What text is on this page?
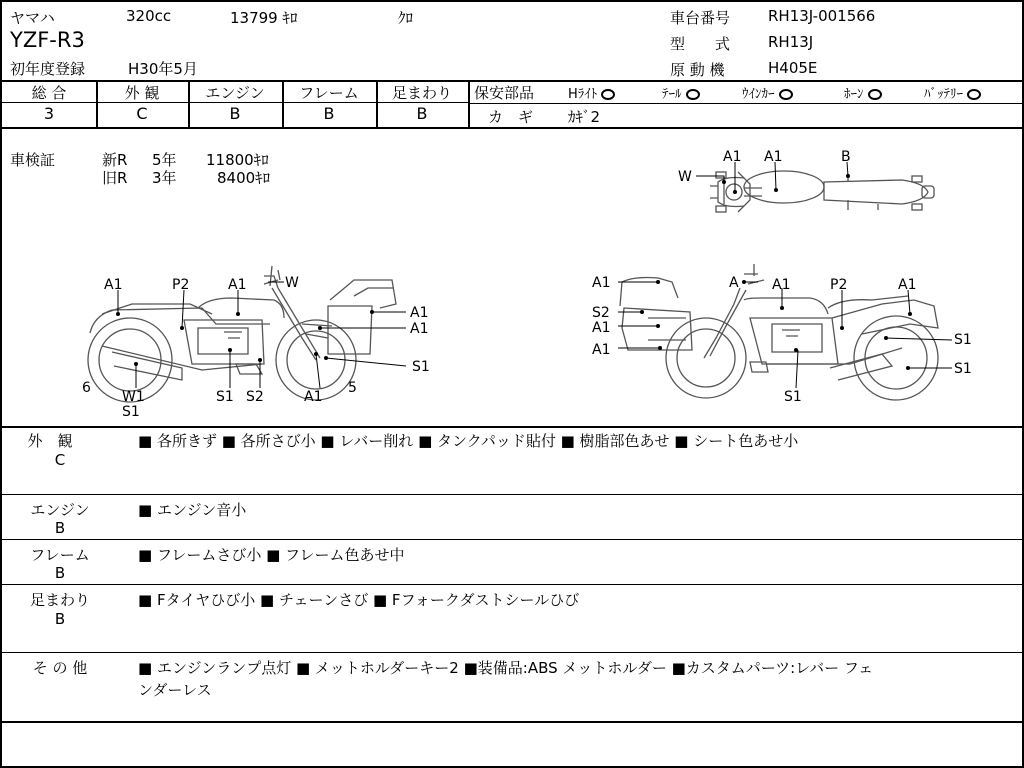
ヤマハ	320cc	13799 ｷﾛ	ｸﾛ
YZF-R3
初年度登録	H30年5月
車台番号	RH13J-001566
型　　式	RH13J
原 動 機	H405E
総 合	外 観	エンジン	フレーム	足まわり
3	C	B	B	B
保安部品	Hﾗｲﾄ	ﾃｰﾙ	ｳｲﾝｶｰ	ﾎｰﾝ	ﾊﾞｯﾃﾘｰ
カ　ギ ｶｷﾞ2
車検証	新R 5年 11800ｷﾛ
旧R 3年	8400ｷﾛ	W
A1 A1	B
A1	P2	A1	W
A1
A1
S1
6
W1
S1
S1 S2	A1
5
A1	A A1	P2	A1
S2
A1
A1
S1
S1
S1
外　観
C
■ 各所きず ■ 各所さび小 ■ レバー削れ ■ タンクパッド貼付 ■ 樹脂部色あせ ■ シート色あせ小
エンジン
B
■ エンジン音小
フレーム
B
■ フレームさび小 ■ フレーム色あせ中
足まわり
B
■ Fタイヤひび小 ■ チェーンさび ■ Fフォークダストシールひび
そ の 他	■ エンジンランプ点灯 ■ メットホルダーキー2 ■装備品:ABS メットホルダー ■カスタムパーツ:レバー フェ
ンダーレス
